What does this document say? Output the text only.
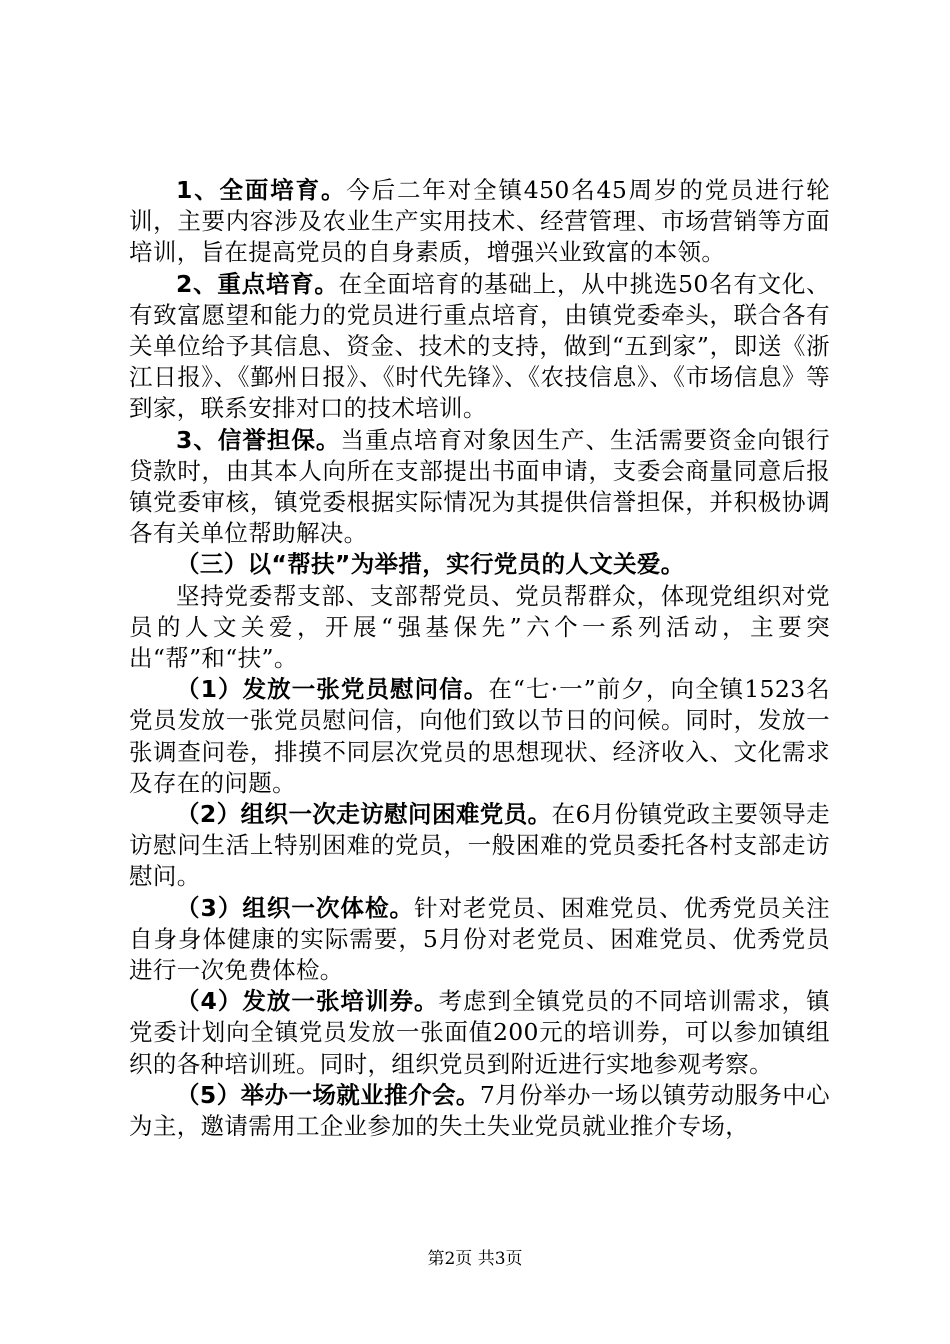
1、全面培育。今后二年对全镇450名45周岁的党员进行轮训，主要内容涉及农业生产实用技术、经营管理、市场营销等方面培训，旨在提高党员的自身素质，增强兴业致富的本领。

2、重点培育。在全面培育的基础上，从中挑选50名有文化、有致富愿望和能力的党员进行重点培育，由镇党委牵头，联合各有关单位给予其信息、资金、技术的支持，做到“五到家”，即送《浙江日报》、《鄞州日报》、《时代先锋》、《农技信息》、《市场信息》等到家，联系安排对口的技术培训。

3、信誉担保。当重点培育对象因生产、生活需要资金向银行贷款时，由其本人向所在支部提出书面申请，支委会商量同意后报镇党委审核，镇党委根据实际情况为其提供信誉担保，并积极协调各有关单位帮助解决。

（三）以“帮扶”为举措，实行党员的人文关爱。

坚持党委帮支部、支部帮党员、党员帮群众，体现党组织对党员的人文关爱，开展“强基保先”六个一系列活动，主要突出“帮”和“扶”。

（1）发放一张党员慰问信。在“七·一”前夕，向全镇1523名党员发放一张党员慰问信，向他们致以节日的问候。同时，发放一张调查问卷，排摸不同层次党员的思想现状、经济收入、文化需求及存在的问题。

（2）组织一次走访慰问困难党员。在6月份镇党政主要领导走访慰问生活上特别困难的党员，一般困难的党员委托各村支部走访慰问。

（3）组织一次体检。针对老党员、困难党员、优秀党员关注自身身体健康的实际需要，5月份对老党员、困难党员、优秀党员进行一次免费体检。

（4）发放一张培训券。考虑到全镇党员的不同培训需求，镇党委计划向全镇党员发放一张面值200元的培训券，可以参加镇组织的各种培训班。同时，组织党员到附近进行实地参观考察。

（5）举办一场就业推介会。7月份举办一场以镇劳动服务中心为主，邀请需用工企业参加的失土失业党员就业推介专场，

第2页 共3页
